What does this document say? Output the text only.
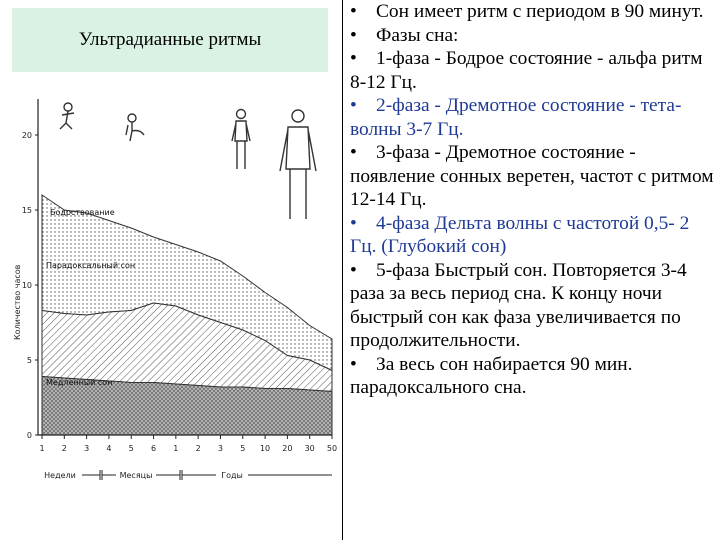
Ультрадианные ритмы
Бодрствование
Парадоксальный сон
Медленный сон
0
5
10
15
20
Количество часов
1 2 3 4 5 6 1 2 3 5 10 20 30 50
Недели	Месяцы	Годы
• Сон имеет ритм с периодом в 90 минут.
• Фазы сна:
• 1-фаза - Бодрое состояние - альфа ритм 8-12 Гц.
• 2-фаза - Дремотное состояние - тета-волны 3-7 Гц.
• 3-фаза - Дремотное состояние - появление сонных веретен, частот с ритмом 12-14 Гц.
• 4-фаза Дельта волны с частотой 0,5- 2 Гц. (Глубокий сон)
• 5-фаза Быстрый сон. Повторяется 3-4 раза за весь период сна. К концу ночи быстрый сон как фаза увеличивается по продолжительности.
• За весь сон набирается 90 мин. парадоксального сна.
